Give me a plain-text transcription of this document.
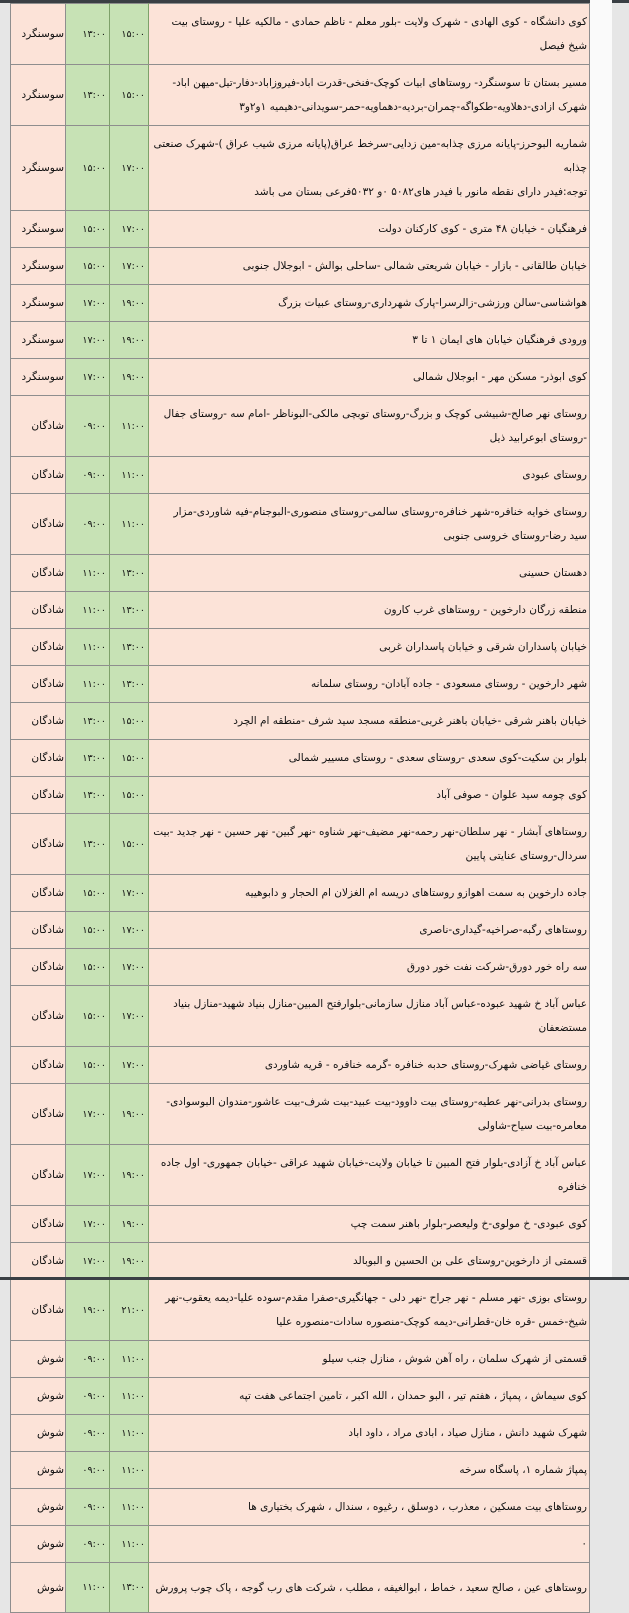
سوسنگرد	۱۳:۰۰	۱۵:۰۰	کوی دانشگاه - کوی الهادی - شهرک ولایت -بلور معلم - ناظم حمادی - مالکیه علیا - روستای بیت شیخ فیصل

سوسنگرد	۱۳:۰۰	۱۵:۰۰	مسیر بستان تا سوسنگرد- روستاهای ابیات کوچک-فنخی-قدرت اباد-فیروزاباد-دفار-تیل-میهن اباد-شهرک ازادی-دهلاویه-طکواگه-چمران-بردیه-دهماویه-حمر-سویدانی-دهیمیه ۱و۲و۳

سوسنگرد	۱۵:۰۰	۱۷:۰۰	شماریه البوحرز-پایانه مرزی چذابه-مین زدایی-سرخط عراق(پایانه مرزی شیب عراق )-شهرک صنعتی چذابه
توجه:فیدر دارای نقطه مانور با فیدر های۵۰۸۲ ۰و ۵۰۳۲فرعی بستان می باشد

سوسنگرد	۱۵:۰۰	۱۷:۰۰	فرهنگیان - خیابان ۴۸ متری - کوی کارکنان دولت

سوسنگرد	۱۵:۰۰	۱۷:۰۰	خیابان طالقانی - بازار - خیابان شریعتی شمالی -ساحلی بوالش - ابوجلال جنوبی

سوسنگرد	۱۷:۰۰	۱۹:۰۰	هواشناسی-سالن ورزشی-زالرسرا-پارک شهرداری-روستای عبیات بزرگ

سوسنگرد	۱۷:۰۰	۱۹:۰۰	ورودی فرهنگیان خیابان های ایمان ۱ تا ۳

سوسنگرد	۱۷:۰۰	۱۹:۰۰	کوی ابوذر- مسکن مهر - ابوجلال شمالی

شادگان	۰۹:۰۰	۱۱:۰۰	روستای نهر صالح-شبیشی کوچک و بزرگ-روستای توبچی مالکی-البوناظر -امام سه -روستای جفال -روستای ابوعرابید ذیل

شادگان	۰۹:۰۰	۱۱:۰۰	روستای عبودی

شادگان	۰۹:۰۰	۱۱:۰۰	روستای خوایه خنافره-شهر خنافره-روستای سالمی-روستای منصوری-البوجنام-فیه شاوردی-مزار سید رضا-روستای خروسی جنوبی

شادگان	۱۱:۰۰	۱۳:۰۰	دهستان حسینی

شادگان	۱۱:۰۰	۱۳:۰۰	منطقه زرگان دارخوین - روستاهای غرب کارون

شادگان	۱۱:۰۰	۱۳:۰۰	خیابان پاسداران شرقی و خیابان پاسداران غربی

شادگان	۱۱:۰۰	۱۳:۰۰	شهر دارخوین - روستای مسعودی - جاده آبادان- روستای سلمانه

شادگان	۱۳:۰۰	۱۵:۰۰	خیابان باهنر شرقی -خیابان باهنر غربی-منطقه مسجد سید شرف -منطقه ام الچرد

شادگان	۱۳:۰۰	۱۵:۰۰	بلوار بن سکیت-کوی سعدی -روستای سعدی - روستای مسییر شمالی

شادگان	۱۳:۰۰	۱۵:۰۰	کوی چومه سید علوان - صوفی آباد

شادگان	۱۳:۰۰	۱۵:۰۰	روستاهای آبشار - نهر سلطان-نهر رحمه-نهر مضیف-نهر شناوه -نهر گبین- نهر حسین - نهر جدید -بیت سردال-روستای عنایتی پایین

شادگان	۱۵:۰۰	۱۷:۰۰	جاده دارخوین به سمت اهوازو روستاهای دریسه ام الغزلان ام الحجار و دابوهییه

شادگان	۱۵:۰۰	۱۷:۰۰	روستاهای رگبه-صراخیه-گیداری-ناصری

شادگان	۱۵:۰۰	۱۷:۰۰	سه راه خور دورق-شرکت نفت خور دورق

شادگان	۱۵:۰۰	۱۷:۰۰	عباس آباد خ شهید عبوده-عباس آباد منازل سازمانی-بلوارفتح المبین-منازل بنیاد شهید-منازل بنیاد مستضعفان

شادگان	۱۵:۰۰	۱۷:۰۰	روستای غیاضی شهرک-روستای حدبه خنافره -گرمه خنافره - قریه شاوردی

شادگان	۱۷:۰۰	۱۹:۰۰	روستای بدرانی-نهر عطیه-روستای بیت داوود-بیت عبید-بیت شرف-بیت عاشور-مندوان البوسوادی-معامره-بیت سیاح-شاولی

شادگان	۱۷:۰۰	۱۹:۰۰	عباس آباد خ آزادی-بلوار فتح المبین تا خیابان ولایت-خیابان شهید عراقی -خیابان جمهوری- اول جاده خنافره

شادگان	۱۷:۰۰	۱۹:۰۰	کوی عبودی- خ مولوی-خ ولیعصر-بلوار باهنر سمت چپ

شادگان	۱۷:۰۰	۱۹:۰۰	قسمتی از دارخوین-روستای علی بن الحسین و البوبالد

شادگان	۱۹:۰۰	۲۱:۰۰	روستای بوزی -نهر مسلم - نهر جراح -نهر دلی - جهانگیری-صفرا مقدم-سوده علیا-دیمه یعقوب-نهر شیخ-خمس -قره خان-قطرانی-دیمه کوچک-منصوره سادات-منصوره علیا

شوش	۰۹:۰۰	۱۱:۰۰	قسمتی از شهرک سلمان ، راه آهن شوش ، منازل جنب سیلو

شوش	۰۹:۰۰	۱۱:۰۰	کوی سیماش ، پمپاژ ، هفتم تیر ، البو حمدان ، الله اکبر ، تامین اجتماعی هفت تپه

شوش	۰۹:۰۰	۱۱:۰۰	شهرک شهید دانش ، منازل صیاد ، ابادی مراد ، داود اباد

شوش	۰۹:۰۰	۱۱:۰۰	پمپاژ شماره ۱، پاسگاه سرخه

شوش	۰۹:۰۰	۱۱:۰۰	روستاهای بیت مسکین ، معذرب ، دوسلق ، رغیوه ، سندال ، شهرک بختیاری ها

شوش	۰۹:۰۰	۱۱:۰۰	۰

شوش	۱۱:۰۰	۱۳:۰۰	روستاهای عین ، صالح سعید ، خماط ، ابوالغیفه ، مطلب ، شرکت های رب گوجه ، پاک چوب پرورش
